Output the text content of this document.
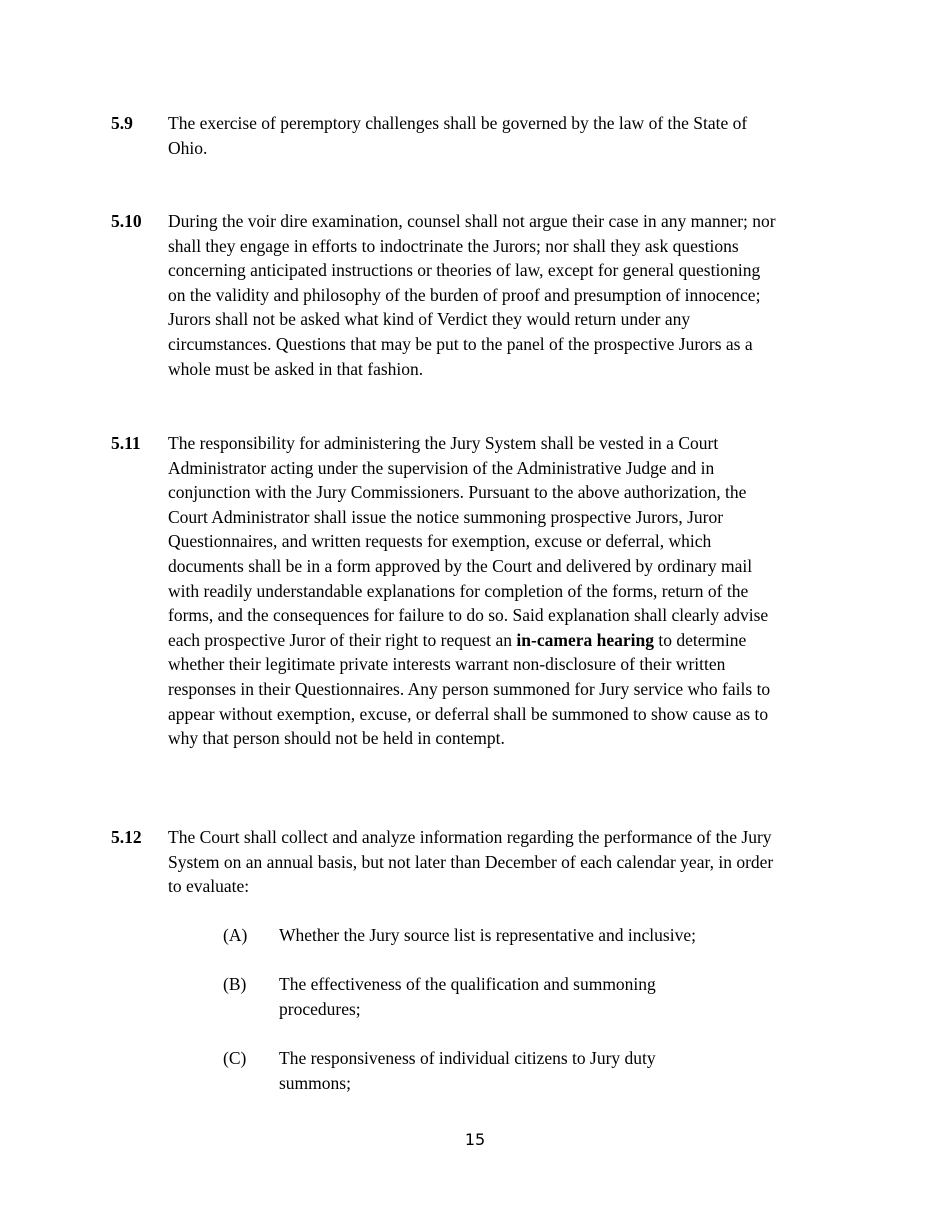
5.9 The exercise of peremptory challenges shall be governed by the law of the State of Ohio.
5.10 During the voir dire examination, counsel shall not argue their case in any manner; nor shall they engage in efforts to indoctrinate the Jurors; nor shall they ask questions concerning anticipated instructions or theories of law, except for general questioning on the validity and philosophy of the burden of proof and presumption of innocence; Jurors shall not be asked what kind of Verdict they would return under any circumstances. Questions that may be put to the panel of the prospective Jurors as a whole must be asked in that fashion.
5.11 The responsibility for administering the Jury System shall be vested in a Court Administrator acting under the supervision of the Administrative Judge and in conjunction with the Jury Commissioners. Pursuant to the above authorization, the Court Administrator shall issue the notice summoning prospective Jurors, Juror Questionnaires, and written requests for exemption, excuse or deferral, which documents shall be in a form approved by the Court and delivered by ordinary mail with readily understandable explanations for completion of the forms, return of the forms, and the consequences for failure to do so. Said explanation shall clearly advise each prospective Juror of their right to request an in-camera hearing to determine whether their legitimate private interests warrant non-disclosure of their written responses in their Questionnaires. Any person summoned for Jury service who fails to appear without exemption, excuse, or deferral shall be summoned to show cause as to why that person should not be held in contempt.
5.12 The Court shall collect and analyze information regarding the performance of the Jury System on an annual basis, but not later than December of each calendar year, in order to evaluate:
(A) Whether the Jury source list is representative and inclusive;
(B) The effectiveness of the qualification and summoning procedures;
(C) The responsiveness of individual citizens to Jury duty summons;
15
